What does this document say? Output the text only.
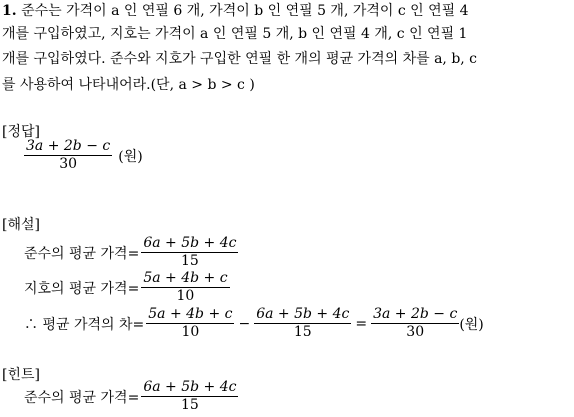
1. 준수는 가격이 a 인 연필 6 개, 가격이 b 인 연필 5 개, 가격이 c 인 연필 4
개를 구입하였고, 지호는 가격이 a 인 연필 5 개, b 인 연필 4 개, c 인 연필 1
개를 구입하였다. 준수와 지호가 구입한 연필 한 개의 평균 가격의 차를 a, b, c
를 사용하여 나타내어라.(단, a > b > c )
[정답]
$\frac{3a + 2b - c}{30}$ (원)
[해설]
준수의 평균 가격= $\frac{6a + 5b + 4c}{15}$
지호의 평균 가격= $\frac{5a + 4b + c}{10}$
∴ 평균 가격의 차= $\frac{5a + 4b + c}{10} - \frac{6a + 5b + 4c}{15} = \frac{3a + 2b - c}{30}$ (원)
[힌트]
준수의 평균 가격= $\frac{6a + 5b + 4c}{15}$
